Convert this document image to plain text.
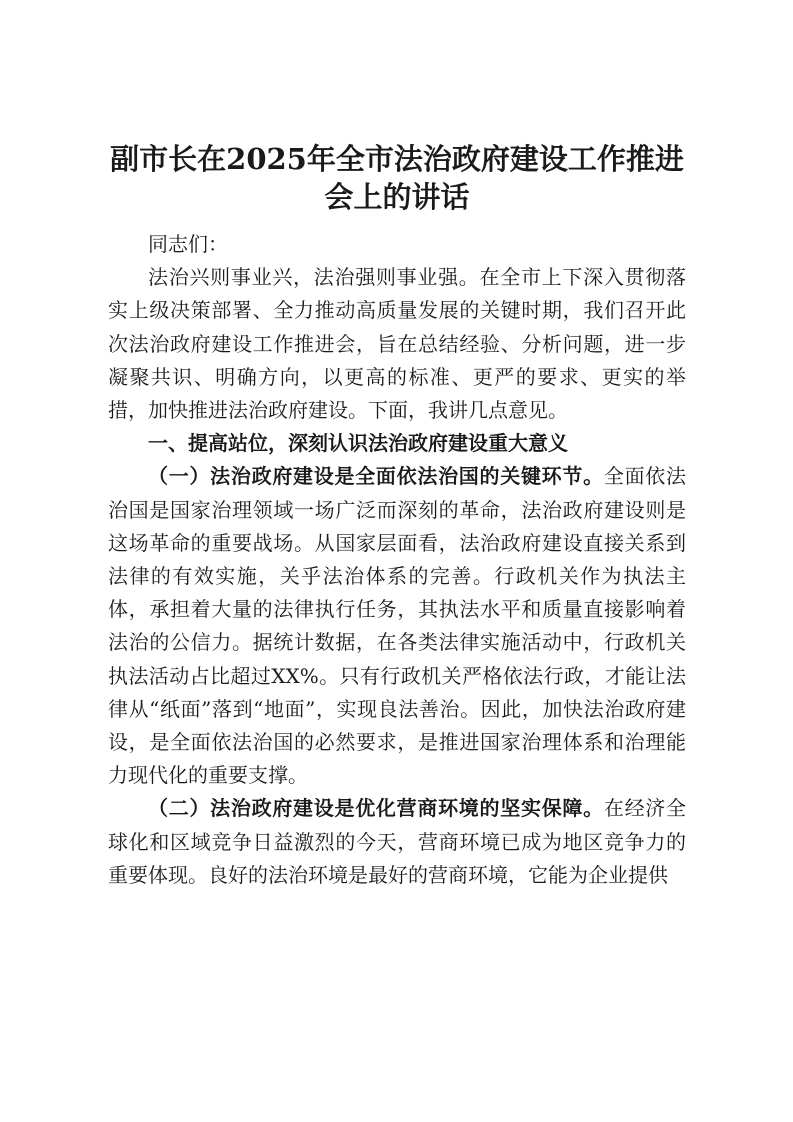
副市长在2025年全市法治政府建设工作推进
会上的讲话

同志们：

法治兴则事业兴，法治强则事业强。在全市上下深入贯彻落实上级决策部署、全力推动高质量发展的关键时期，我们召开此次法治政府建设工作推进会，旨在总结经验、分析问题，进一步凝聚共识、明确方向，以更高的标准、更严的要求、更实的举措，加快推进法治政府建设。下面，我讲几点意见。

一、提高站位，深刻认识法治政府建设重大意义

（一）法治政府建设是全面依法治国的关键环节。全面依法治国是国家治理领域一场广泛而深刻的革命，法治政府建设则是这场革命的重要战场。从国家层面看，法治政府建设直接关系到法律的有效实施，关乎法治体系的完善。行政机关作为执法主体，承担着大量的法律执行任务，其执法水平和质量直接影响着法治的公信力。据统计数据，在各类法律实施活动中，行政机关执法活动占比超过XX%。只有行政机关严格依法行政，才能让法律从“纸面”落到“地面”，实现良法善治。因此，加快法治政府建设，是全面依法治国的必然要求，是推进国家治理体系和治理能力现代化的重要支撑。

（二）法治政府建设是优化营商环境的坚实保障。在经济全球化和区域竞争日益激烈的今天，营商环境已成为地区竞争力的重要体现。良好的法治环境是最好的营商环境，它能为企业提供
